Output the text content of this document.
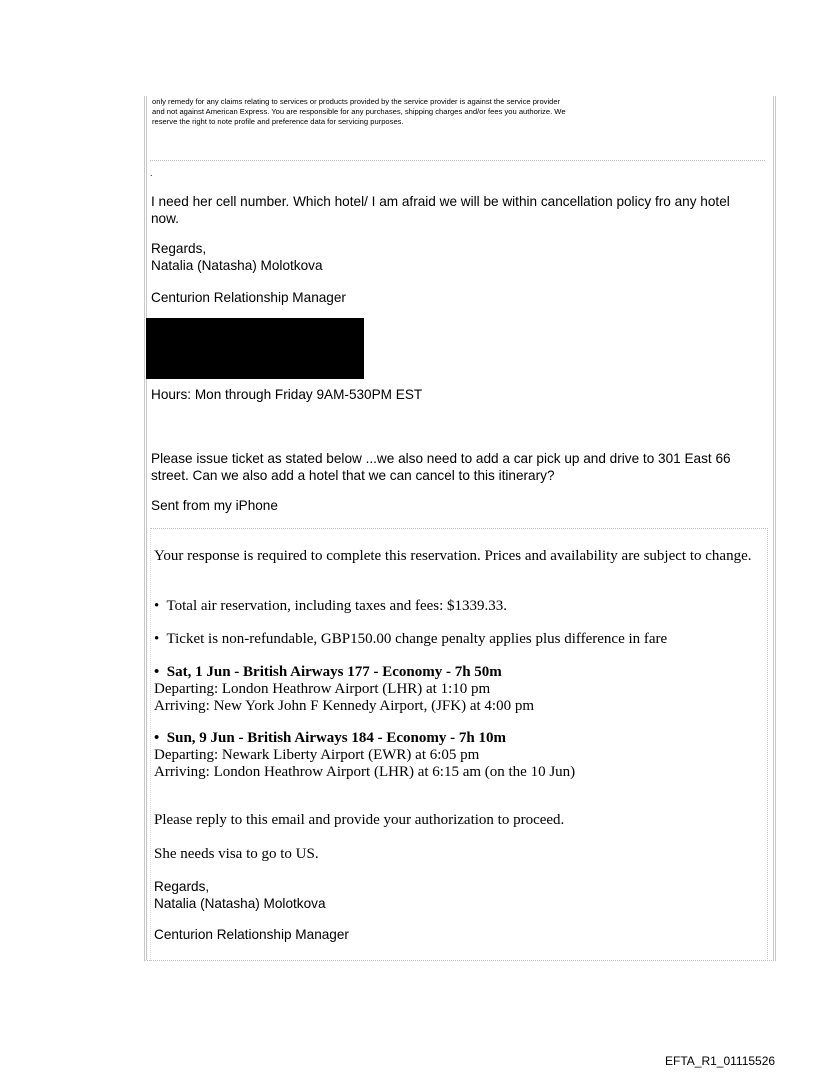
only remedy for any claims relating to services or products provided by the service provider is against the service provider
and not against American Express. You are responsible for any purchases, shipping charges and/or fees you authorize. We
reserve the right to note profile and preference data for servicing purposes.
.
I need her cell number. Which hotel/ I am afraid we will be within cancellation policy fro any hotel now.
Regards,
Natalia (Natasha) Molotkova
Centurion Relationship Manager
Hours: Mon through Friday 9AM-530PM EST
Please issue ticket as stated below ...we also need to add a car pick up and drive to 301 East 66 street. Can we also add a hotel that we can cancel to this itinerary?
Sent from my iPhone
Your response is required to complete this reservation. Prices and availability are subject to change.
• Total air reservation, including taxes and fees: $1339.33.
• Ticket is non-refundable, GBP150.00 change penalty applies plus difference in fare
• Sat, 1 Jun - British Airways 177 - Economy - 7h 50m
Departing: London Heathrow Airport (LHR) at 1:10 pm
Arriving: New York John F Kennedy Airport, (JFK) at 4:00 pm
• Sun, 9 Jun - British Airways 184 - Economy - 7h 10m
Departing: Newark Liberty Airport (EWR) at 6:05 pm
Arriving: London Heathrow Airport (LHR) at 6:15 am (on the 10 Jun)
Please reply to this email and provide your authorization to proceed.
She needs visa to go to US.
Regards,
Natalia (Natasha) Molotkova
Centurion Relationship Manager
EFTA_R1_01115526
